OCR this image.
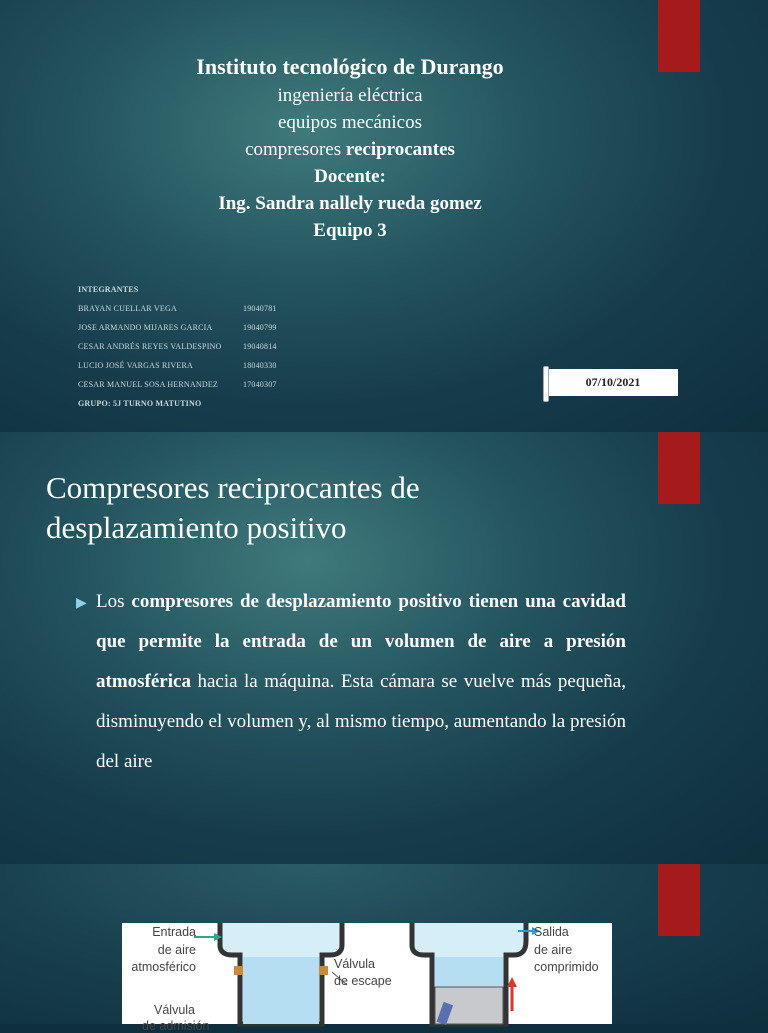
Instituto tecnológico de Durango
ingeniería eléctrica
equipos mecánicos
compresores reciprocantes
Docente:
Ing. Sandra nallely rueda gomez
Equipo 3
INTEGRANTES
BRAYAN CUELLAR VEGA	19040781
JOSE ARMANDO MIJARES GARCIA	19040799
CESAR ANDRÉS REYES VALDESPINO	19040814
LUCIO JOSÉ VARGAS RIVERA	18040330
CESAR MANUEL SOSA HERNANDEZ	17040307
GRUPO: 5J TURNO MATUTINO
07/10/2021
Compresores reciprocantes de desplazamiento positivo
▶ Los compresores de desplazamiento positivo tienen una cavidad que permite la entrada de un volumen de aire a presión atmosférica hacia la máquina. Esta cámara se vuelve más pequeña, disminuyendo el volumen y, al mismo tiempo, aumentando la presión del aire
Entrada
de aire
atmosférico	Válvula
de escape
Válvula
de admisión
Salida
de aire
comprimido
